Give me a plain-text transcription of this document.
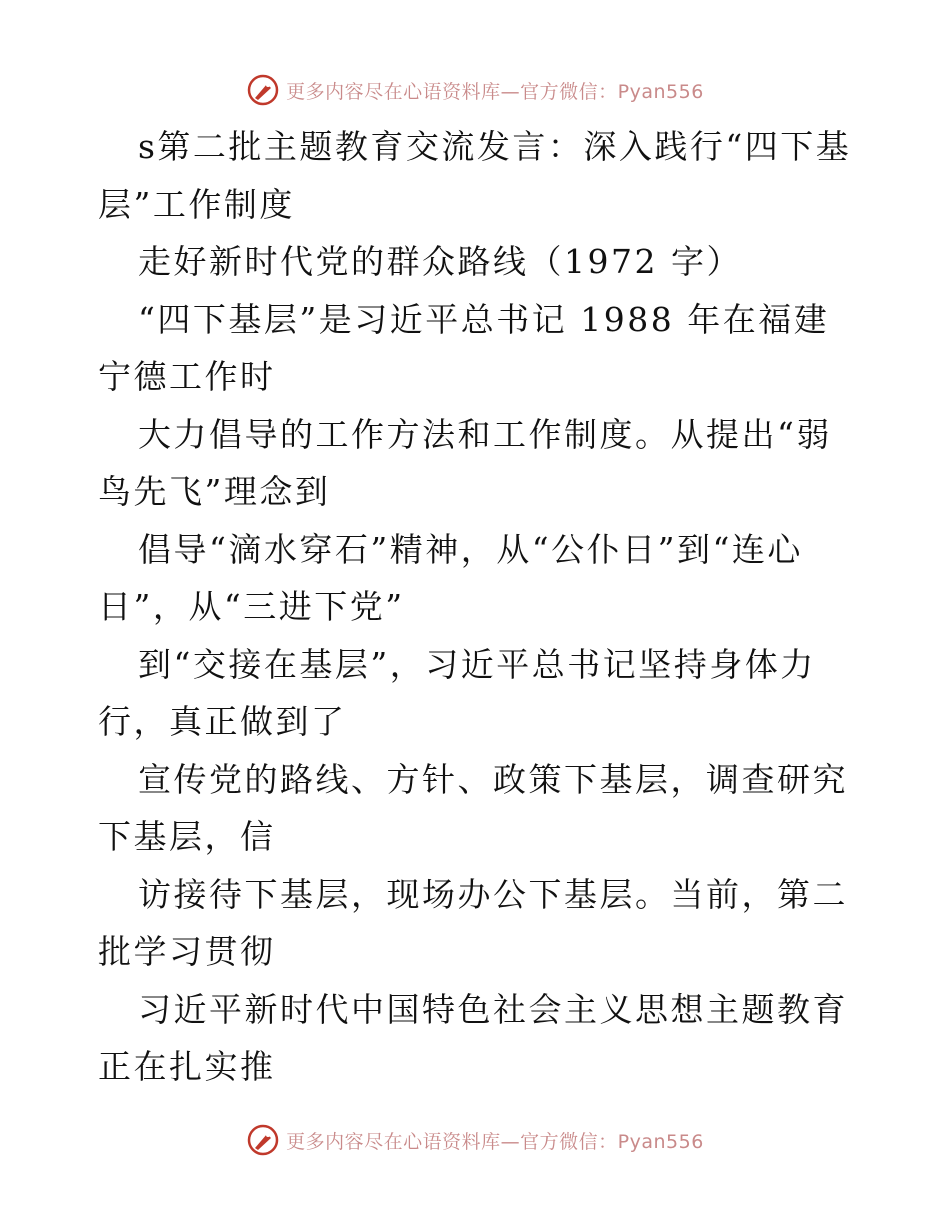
更多内容尽在心语资料库—官方微信：Pyan556

s第二批主题教育交流发言：深入践行“四下基层”工作制度

走好新时代党的群众路线（1972 字）

“四下基层”是习近平总书记 1988 年在福建宁德工作时

大力倡导的工作方法和工作制度。从提出“弱鸟先飞”理念到

倡导“滴水穿石”精神，从“公仆日”到“连心日”，从“三进下党”

到“交接在基层”，习近平总书记坚持身体力行，真正做到了

宣传党的路线、方针、政策下基层，调查研究下基层，信

访接待下基层，现场办公下基层。当前，第二批学习贯彻

习近平新时代中国特色社会主义思想主题教育正在扎实推

更多内容尽在心语资料库—官方微信：Pyan556
